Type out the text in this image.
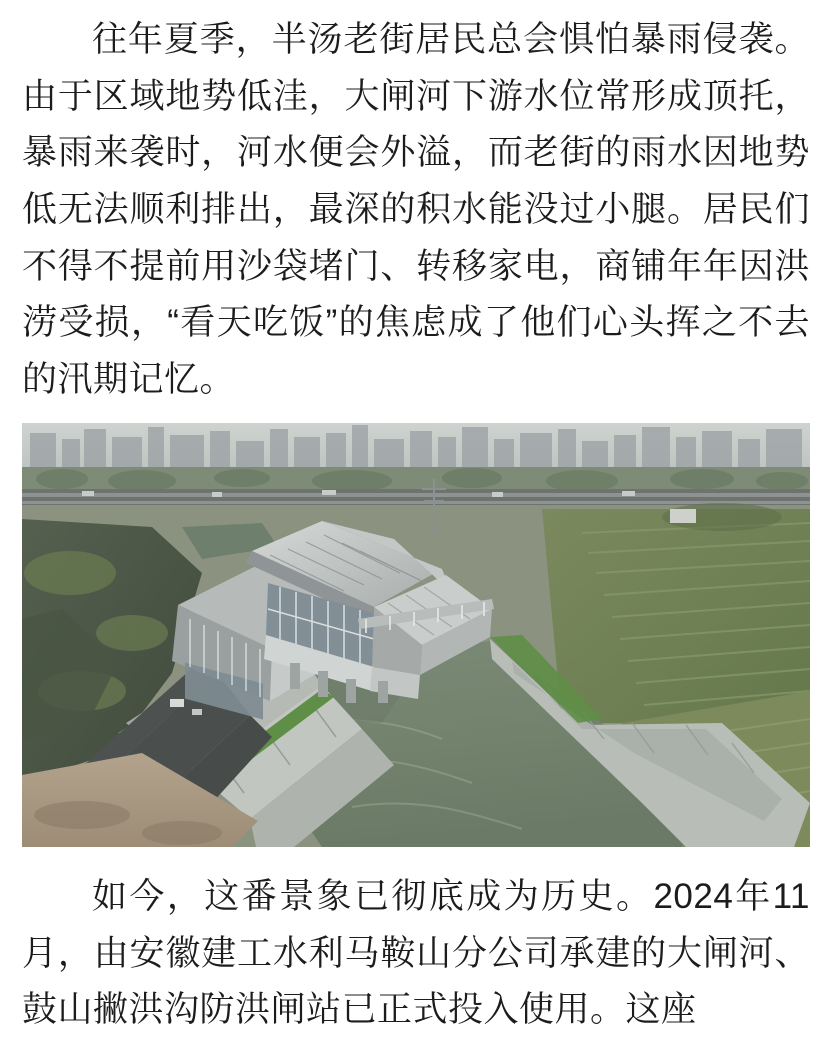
往年夏季，半汤老街居民总会惧怕暴雨侵袭。由于区域地势低洼，大闸河下游水位常形成顶托，暴雨来袭时，河水便会外溢，而老街的雨水因地势低无法顺利排出，最深的积水能没过小腿。居民们不得不提前用沙袋堵门、转移家电，商铺年年因洪涝受损，“看天吃饭”的焦虑成了他们心头挥之不去的汛期记忆。

如今，这番景象已彻底成为历史。2024年11月，由安徽建工水利马鞍山分公司承建的大闸河、鼓山撇洪沟防洪闸站已正式投入使用。这座
